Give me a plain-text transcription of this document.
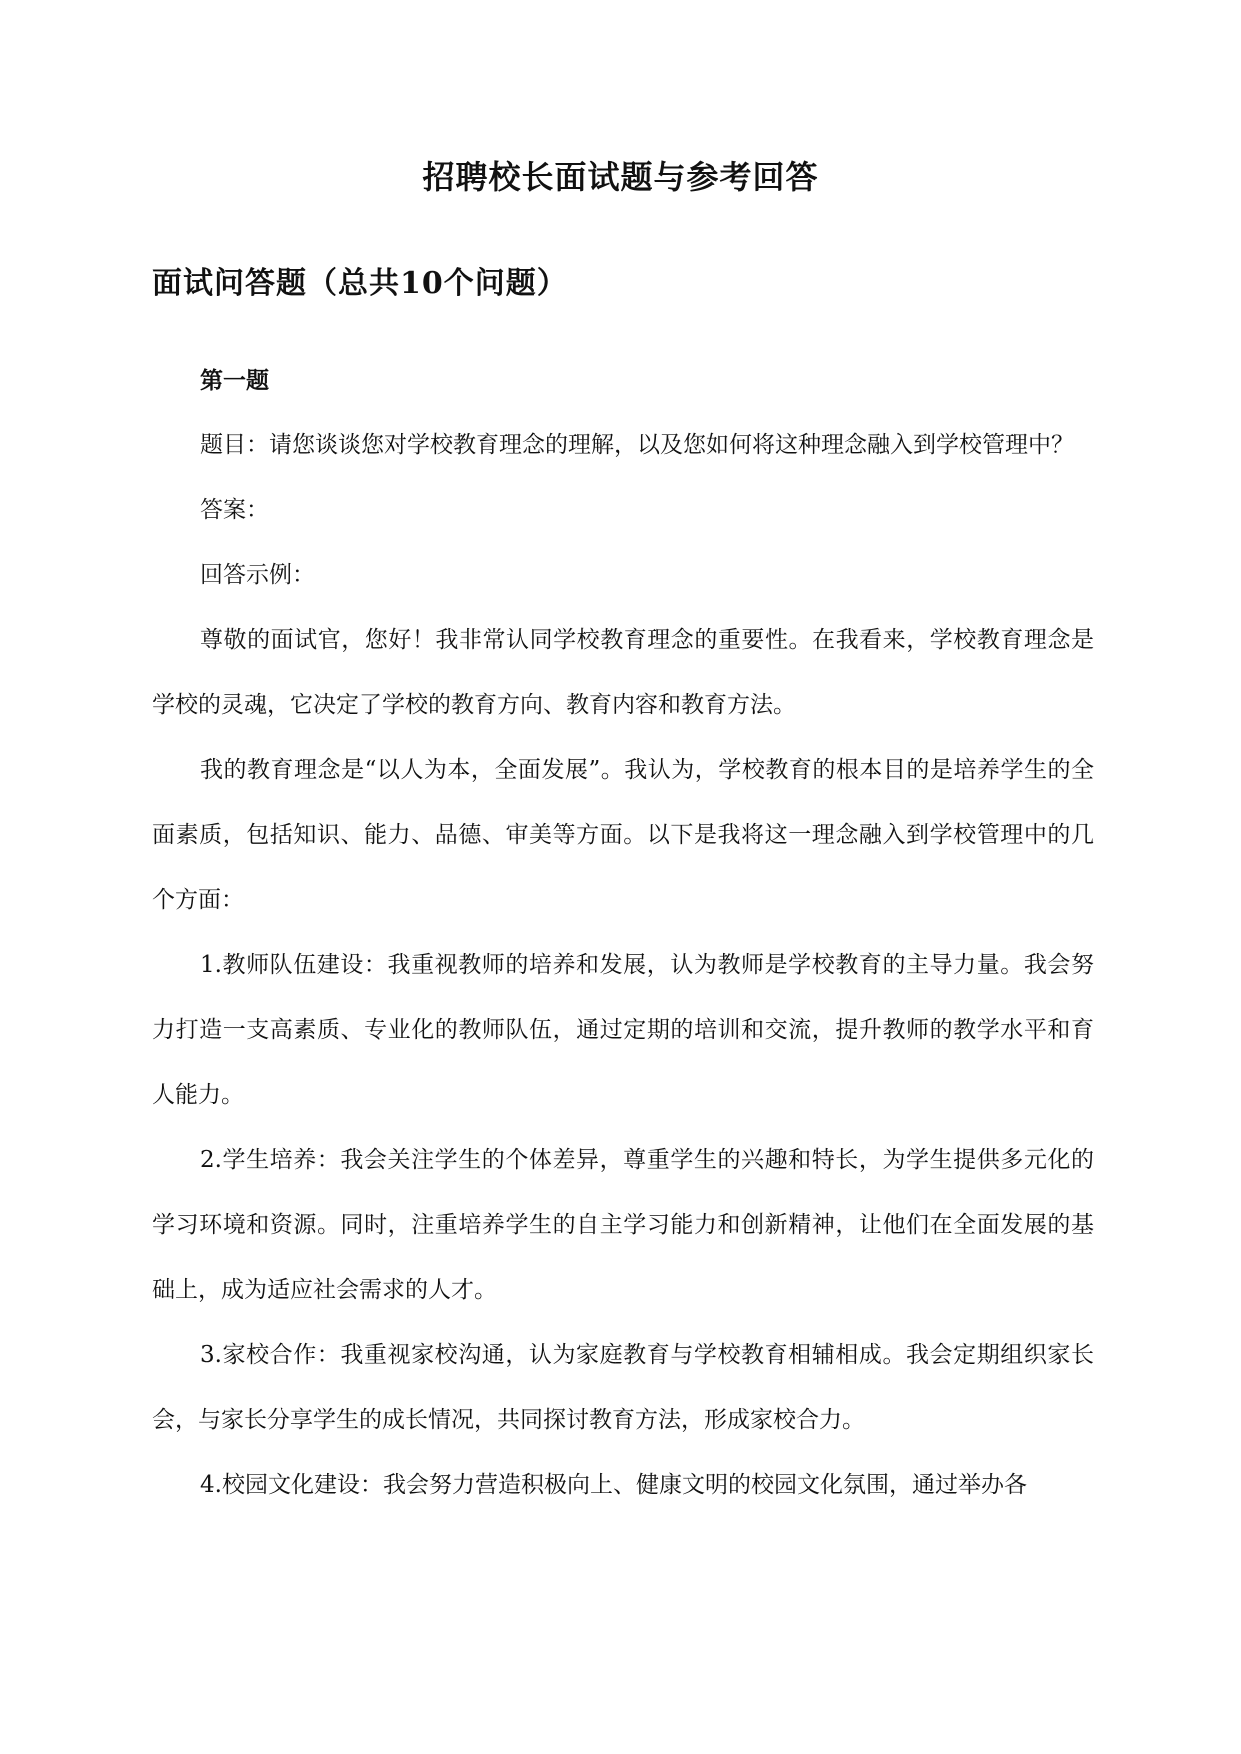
招聘校长面试题与参考回答
面试问答题（总共10个问题）

第一题

题目：请您谈谈您对学校教育理念的理解，以及您如何将这种理念融入到学校管理中？

答案：

回答示例：

尊敬的面试官，您好！我非常认同学校教育理念的重要性。在我看来，学校教育理念是学校的灵魂，它决定了学校的教育方向、教育内容和教育方法。

我的教育理念是“以人为本，全面发展”。我认为，学校教育的根本目的是培养学生的全面素质，包括知识、能力、品德、审美等方面。以下是我将这一理念融入到学校管理中的几个方面：

1.教师队伍建设：我重视教师的培养和发展，认为教师是学校教育的主导力量。我会努力打造一支高素质、专业化的教师队伍，通过定期的培训和交流，提升教师的教学水平和育人能力。

2.学生培养：我会关注学生的个体差异，尊重学生的兴趣和特长，为学生提供多元化的学习环境和资源。同时，注重培养学生的自主学习能力和创新精神，让他们在全面发展的基础上，成为适应社会需求的人才。

3.家校合作：我重视家校沟通，认为家庭教育与学校教育相辅相成。我会定期组织家长会，与家长分享学生的成长情况，共同探讨教育方法，形成家校合力。

4.校园文化建设：我会努力营造积极向上、健康文明的校园文化氛围，通过举办各
